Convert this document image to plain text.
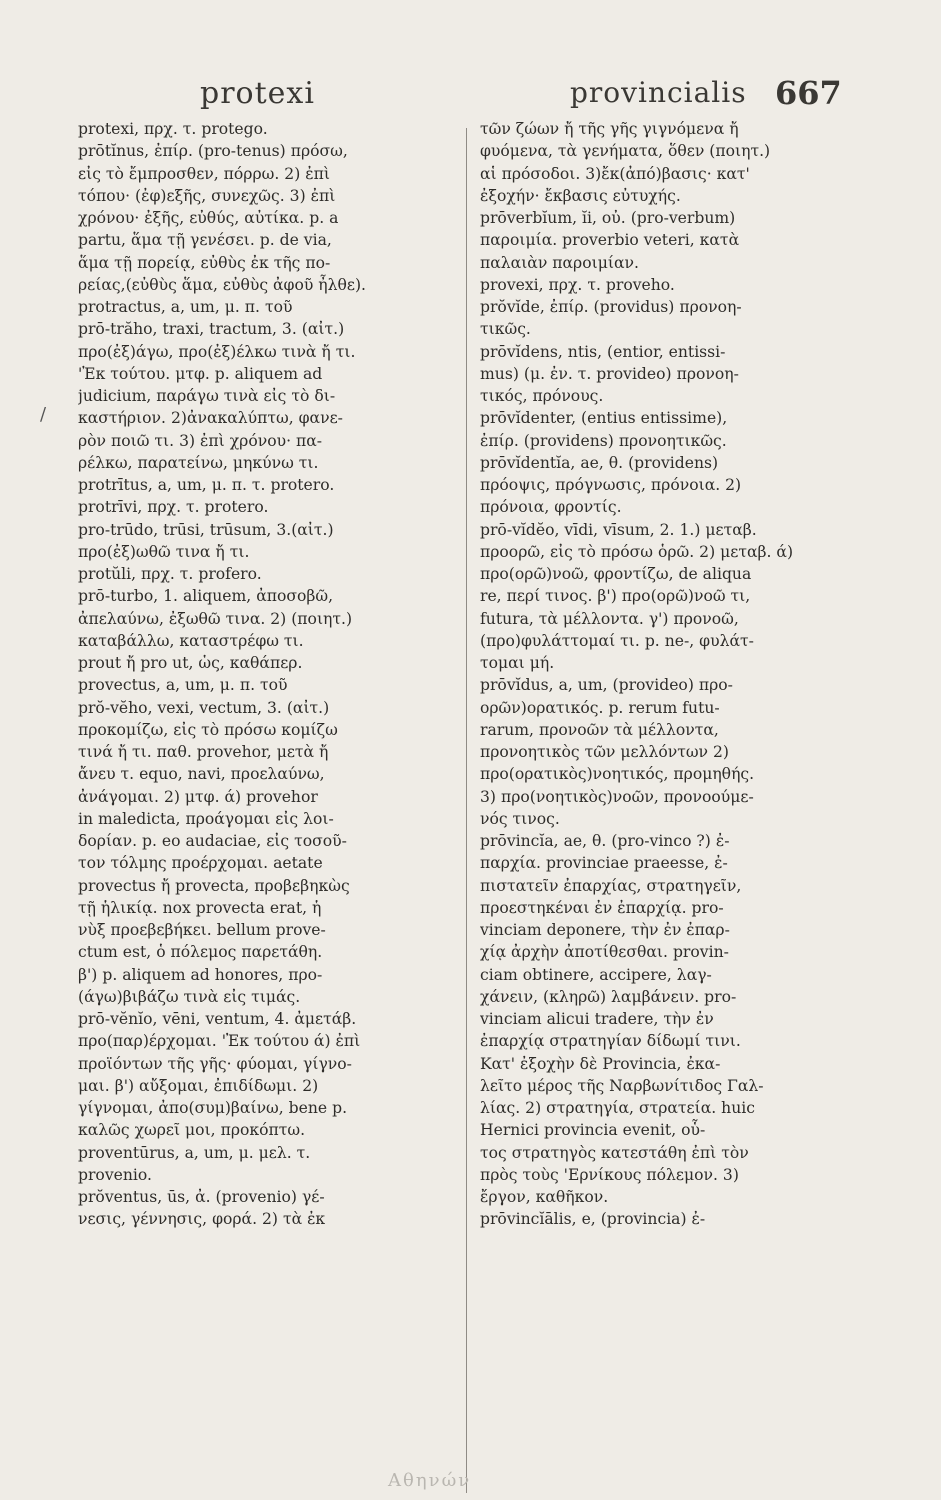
protexi	provincialis 667
/
protexi, πρχ. τ. protego.
prōtĭnus, ἐπίρ. (pro-tenus) πρόσω,
εἰς τὸ ἔμπροσθεν, πόρρω. 2) ἐπὶ
τόπου· (ἐφ)εξῆς, συνεχῶς. 3) ἐπὶ
χρόνου· ἐξῆς, εὐθύς, αὐτίκα. p. a
partu, ἅμα τῇ γενέσει. p. de via,
ἅμα τῇ πορείᾳ, εὐθὺς ἐκ τῆς πο-
ρείας,(εὐθὺς ἅμα, εὐθὺς ἀφοῦ ἦλθε).
protractus, a, um, μ. π. τοῦ
prō-trăho, traxi, tractum, 3. (αἰτ.)
προ(ἐξ)άγω, προ(ἐξ)έλκω τινὰ ἤ τι.
'Ἐκ τούτου. μτφ. p. aliquem ad
judicium, παράγω τινὰ εἰς τὸ δι-
καστήριον. 2)ἀνακαλύπτω, φανε-
ρὸν ποιῶ τι. 3) ἐπὶ χρόνου· πα-
ρέλκω, παρατείνω, μηκύνω τι.
protrītus, a, um, μ. π. τ. protero.
protrīvi, πρχ. τ. protero.
pro-trūdo, trūsi, trūsum, 3.(αἰτ.)
προ(ἐξ)ωθῶ τινα ἤ τι.
protŭli, πρχ. τ. profero.
prō-turbo, 1. aliquem, ἀποσοβῶ,
ἀπελαύνω, ἐξωθῶ τινα. 2) (ποιητ.)
καταβάλλω, καταστρέφω τι.
prout ἤ pro ut, ὡς, καθάπερ.
provectus, a, um, μ. π. τοῦ
prŏ-vĕho, vexi, vectum, 3. (αἰτ.)
προκομίζω, εἰς τὸ πρόσω κομίζω
τινά ἤ τι. παθ. provehor, μετὰ ἤ
ἄνευ τ. equo, navi, προελαύνω,
ἀνάγομαι. 2) μτφ. ά) provehor
in maledicta, προάγομαι εἰς λοι-
δορίαν. p. eo audaciae, εἰς τοσοῦ-
τον τόλμης προέρχομαι. aetate
provectus ἤ provecta, προβεβηκὼς
τῇ ἡλικίᾳ. nox provecta erat, ἡ
νὺξ προεβεβήκει. bellum prove-
ctum est, ὁ πόλεμος παρετάθη.
β') p. aliquem ad honores, προ-
(άγω)βιβάζω τινὰ εἰς τιμάς.
prō-vĕnĭo, vēni, ventum, 4. ἀμετάβ.
προ(παρ)έρχομαι. 'Ἐκ τούτου ά) ἐπὶ
προϊόντων τῆς γῆς· φύομαι, γίγνο-
μαι. β') αὔξομαι, ἐπιδίδωμι. 2)
γίγνομαι, ἀπο(συμ)βαίνω, bene p.
καλῶς χωρεῖ μοι, προκόπτω.
proventūrus, a, um, μ. μελ. τ.
provenio.
prŏventus, ūs, ἀ. (provenio) γέ-
νεσις, γέννησις, φορά. 2) τὰ ἐκ
τῶν ζώων ἤ τῆς γῆς γιγνόμενα ἤ
φυόμενα, τὰ γενήματα, ὅθεν (ποιητ.)
αἱ πρόσοδοι. 3)ἔκ(ἀπό)βασις· κατ'
ἐξοχήν· ἔκβασις εὐτυχής.
prōverbĭum, ĭi, οὐ. (pro-verbum)
παροιμία. proverbio veteri, κατὰ
παλαιὰν παροιμίαν.
provexi, πρχ. τ. proveho.
prŏvĭde, ἐπίρ. (providus) προνοη-
τικῶς.
prōvĭdens, ntis, (entior, entissi-
mus) (μ. ἐν. τ. provideo) προνοη-
τικός, πρόνους.
prōvĭdenter, (entius entissime),
ἐπίρ. (providens) προνοητικῶς.
prōvĭdentĭa, ae, θ. (providens)
πρόοψις, πρόγνωσις, πρόνοια. 2)
πρόνοια, φροντίς.
prō-vĭdĕo, vīdi, vīsum, 2. 1.) μεταβ.
προορῶ, εἰς τὸ πρόσω ὁρῶ. 2) μεταβ. ά)
προ(ορῶ)νοῶ, φροντίζω, de aliqua
re, περί τινος. β') προ(ορῶ)νοῶ τι,
futura, τὰ μέλλοντα. γ') προνοῶ,
(προ)φυλάττομαί τι. p. ne-, φυλάτ-
τομαι μή.
prōvĭdus, a, um, (provideo) προ-
ορῶν)ορατικός. p. rerum futu-
rarum, προνοῶν τὰ μέλλοντα,
προνοητικὸς τῶν μελλόντων 2)
προ(ορατικὸς)νοητικός, προμηθής.
3) προ(νοητικὸς)νοῶν, προνοούμε-
νός τινος.
prōvincĭa, ae, θ. (pro-vinco ?) ἐ-
παρχία. provinciae praeesse, ἐ-
πιστατεῖν ἐπαρχίας, στρατηγεῖν,
προεστηκέναι ἐν ἐπαρχίᾳ. pro-
vinciam deponere, τὴν ἐν ἐπαρ-
χίᾳ ἀρχὴν ἀποτίθεσθαι. provin-
ciam obtinere, accipere, λαγ-
χάνειν, (κληρῶ) λαμβάνειν. pro-
vinciam alicui tradere, τὴν ἐν
ἐπαρχίᾳ στρατηγίαν δίδωμί τινι.
Κατ' ἐξοχὴν δὲ Provincia, ἐκα-
λεῖτο μέρος τῆς Ναρβωνίτιδος Γαλ-
λίας. 2) στρατηγία, στρατεία. huic
Hernici provincia evenit, οὗ-
τος στρατηγὸς κατεστάθη ἐπὶ τὸν
πρὸς τοὺς 'Ερνίκους πόλεμον. 3)
ἔργον, καθῆκον.
prōvincĭālis, e, (provincia) ἐ-
Αθηνών
